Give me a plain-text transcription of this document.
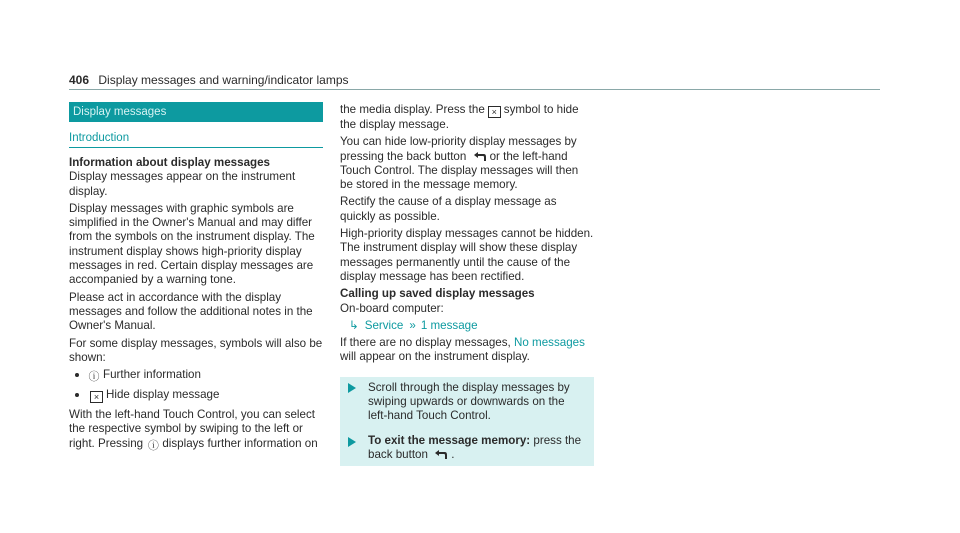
406 Display messages and warning/indicator lamps
Display messages
Introduction
Information about display messages

Display messages appear on the instrument display.

Display messages with graphic symbols are simplified in the Owner's Manual and may differ from the symbols on the instrument display. The instrument display shows high-priority display messages in red. Certain display messages are accompanied by a warning tone.

Please act in accordance with the display messages and follow the additional notes in the Owner's Manual.

For some display messages, symbols will also be shown:

ⓘ Further information
× Hide display message

With the left-hand Touch Control, you can select the respective symbol by swiping to the left or right. Pressing ⓘ displays further information on

the media display. Press the × symbol to hide the display message.

You can hide low-priority display messages by pressing the back button or the left-hand Touch Control. The display messages will then be stored in the message memory.

Rectify the cause of a display message as quickly as possible.

High-priority display messages cannot be hidden. The instrument display will show these display messages permanently until the cause of the display message has been rectified.

Calling up saved display messages

On-board computer:

↳ Service » 1 message

If there are no display messages, No messages will appear on the instrument display.

Scroll through the display messages by swiping upwards or downwards on the left-hand Touch Control.

To exit the message memory: press the back button .
